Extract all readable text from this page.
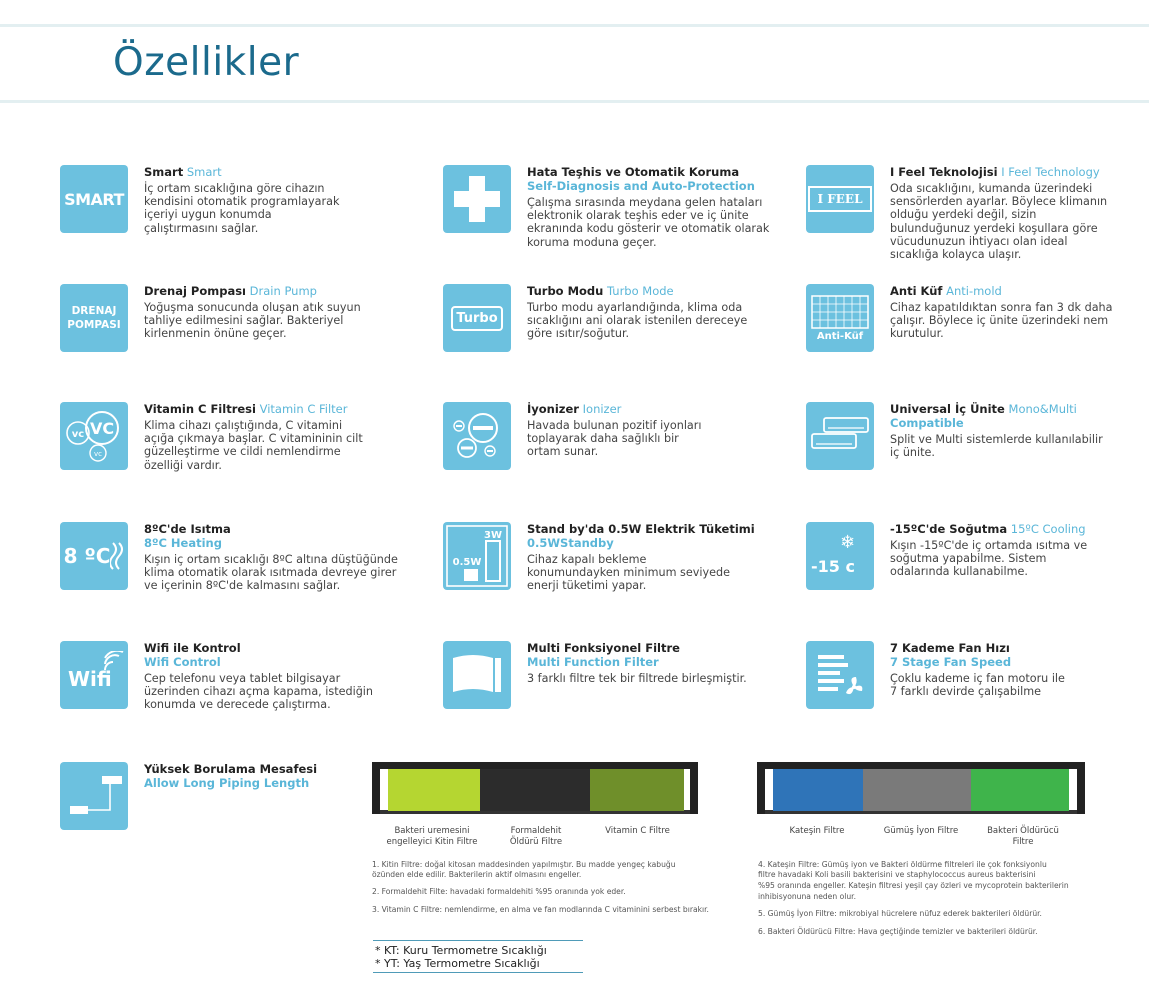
Özellikler
SMART
Smart Smart
İç ortam sıcaklığına göre cihazın
kendisini otomatik programlayarak
içeriyi uygun konumda
çalıştırmasını sağlar.
Hata Teşhis ve Otomatik Koruma
Self-Diagnosis and Auto-Protection
Çalışma sırasında meydana gelen hataları
elektronik olarak teşhis eder ve iç ünite
ekranında kodu gösterir ve otomatik olarak
koruma moduna geçer.
I FEEL
I Feel Teknolojisi I Feel Technology
Oda sıcaklığını, kumanda üzerindeki
sensörlerden ayarlar. Böylece klimanın
olduğu yerdeki değil, sizin
bulunduğunuz yerdeki koşullara göre
vücudunuzun ihtiyacı olan ideal
sıcaklığa kolayca ulaşır.
DRENAJ POMPASI
Drenaj Pompası Drain Pump
Yoğuşma sonucunda oluşan atık suyun
tahliye edilmesini sağlar. Bakteriyel
kirlenmenin önüne geçer.
Turbo
Turbo Modu Turbo Mode
Turbo modu ayarlandığında, klima oda
sıcaklığını ani olarak istenilen dereceye
göre ısıtır/soğutur.	Anti-Küf
Anti Küf Anti-mold
Cihaz kapatıldıktan sonra fan 3 dk daha
çalışır. Böylece iç ünite üzerindeki nem
kurutulur.
vc VC
vc
Vitamin C Filtresi Vitamin C Filter
Klima cihazı çalıştığında, C vitamini
açığa çıkmaya başlar. C vitamininin cilt
güzelleştirme ve cildi nemlendirme
özelliği vardır.
İyonizer Ionizer
Havada bulunan pozitif iyonları
toplayarak daha sağlıklı bir
ortam sunar.
Universal İç Ünite Mono&Multi
Compatible
Split ve Multi sistemlerde kullanılabilir
iç ünite.
8 ºC
8ºC'de Isıtma
8ºC Heating
Kışın iç ortam sıcaklığı 8ºC altına düştüğünde
klima otomatik olarak ısıtmada devreye girer
ve içerinin 8ºC'de kalmasını sağlar.
3W
0.5W
Stand by'da 0.5W Elektrik Tüketimi
0.5WStandby
Cihaz kapalı bekleme
konumundayken minimum seviyede
enerji tüketimi yapar.
❄
-15 c
-15ºC'de Soğutma 15ºC Cooling
Kışın -15ºC'de iç ortamda ısıtma ve
soğutma yapabilme. Sistem
odalarında kullanabilme.
Wifi
Wifi ile Kontrol
Wifi Control
Cep telefonu veya tablet bilgisayar
üzerinden cihazı açma kapama, istediğin
konumda ve derecede çalıştırma.
Multi Fonksiyonel Filtre
Multi Function Filter
3 farklı filtre tek bir filtrede birleşmiştir.
7 Kademe Fan Hızı
7 Stage Fan Speed
Çoklu kademe iç fan motoru ile
7 farklı devirde çalışabilme
Yüksek Borulama Mesafesi
Allow Long Piping Length
Bakteri uremesini engelleyici Kitin Filtre
Formaldehit Öldürü Filtre
Vitamin C Filtre
1. Kitin Filtre: doğal kitosan maddesinden yapılmıştır. Bu madde yengeç kabuğu
özünden elde edilir. Bakterilerin aktif olmasını engeller.
2. Formaldehit Filte: havadaki formaldehiti %95 oranında yok eder.
3. Vitamin C Filtre: nemlendirme, en alma ve fan modlarında C vitaminini serbest bırakır.
Kateşin Filtre	Gümüş İyon Filtre	Bakteri Öldürücü Filtre
4. Kateşin Filtre: Gümüş iyon ve Bakteri öldürme filtreleri ile çok fonksiyonlu
filtre havadaki Koli basili bakterisini ve staphylococcus aureus bakterisini
%95 oranında engeller. Kateşin filtresi yeşil çay özleri ve mycoprotein bakterilerin
inhibisyonuna neden olur.
5. Gümüş İyon Filtre: mikrobiyal hücrelere nüfuz ederek bakterileri öldürür.
6. Bakteri Öldürücü Filtre: Hava geçtiğinde temizler ve bakterileri öldürür.
* KT: Kuru Termometre Sıcaklığı
* YT: Yaş Termometre Sıcaklığı
